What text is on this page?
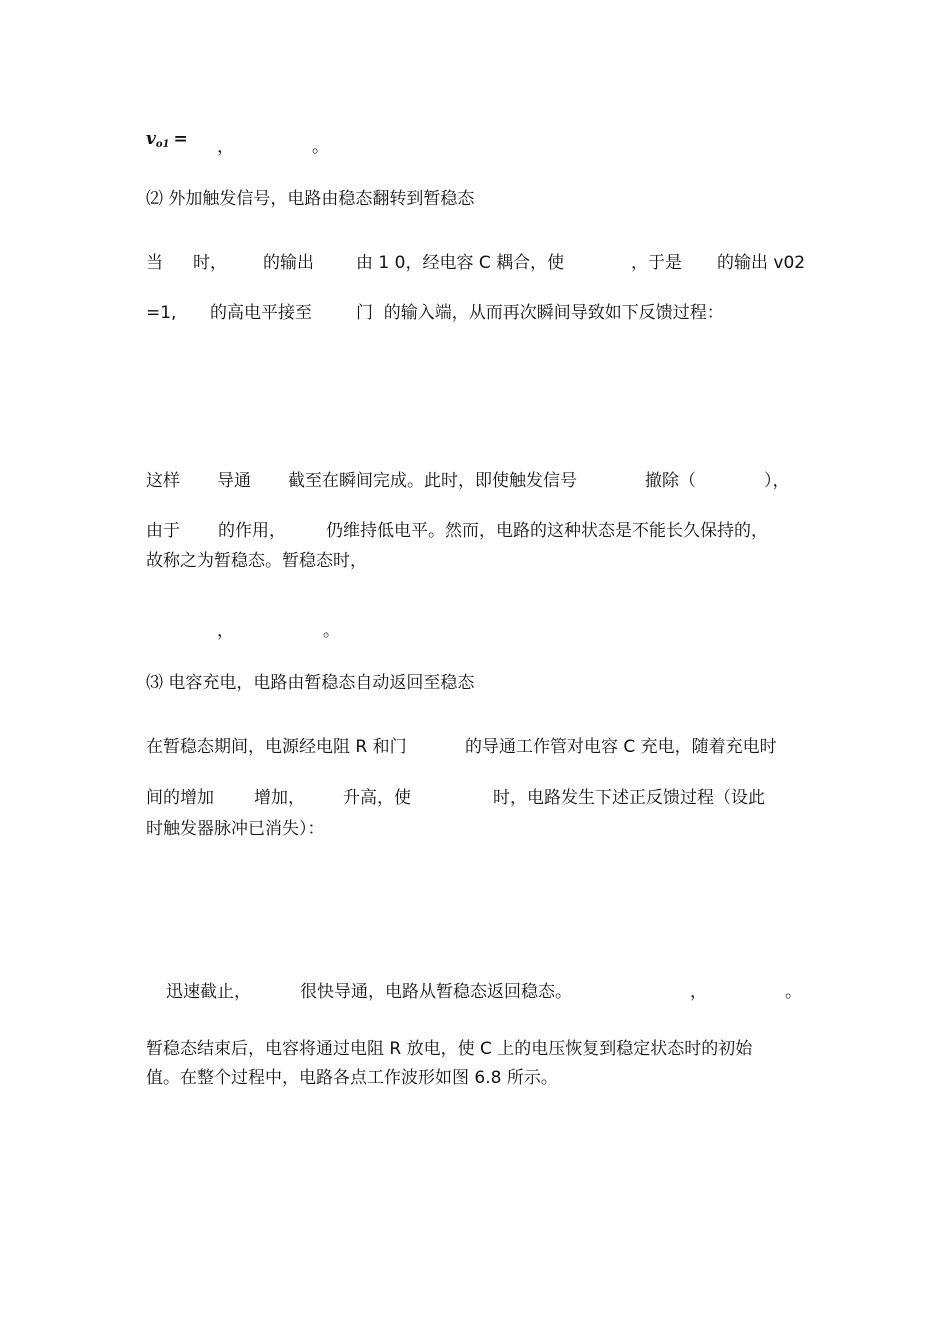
vo1 = ，	。
⑵ 外加触发信号，电路由稳态翻转到暂稳态
当 时， 的输出 由 1 0，经电容 C 耦合，使	，于是 的输出 v02
=1, 的高电平接至	门  的输入端，从而再次瞬间导致如下反馈过程：
这样 导通 截至在瞬间完成。此时，即使触发信号	撤除（	），
由于 的作用， 仍维持低电平。然而，电路的这种状态是不能长久保持的，
故称之为暂稳态。暂稳态时，
，	。
⑶ 电容充电，电路由暂稳态自动返回至稳态
在暂稳态期间，电源经电阻 R 和门	的导通工作管对电容 C 充电，随着充电时
间的增加 增加， 升高，使	时，电路发生下述正反馈过程（设此
时触发器脉冲已消失）：
迅速截止，	很快导通，电路从暂稳态返回稳态。	，	。
暂稳态结束后，电容将通过电阻 R 放电，使 C 上的电压恢复到稳定状态时的初始
值。在整个过程中，电路各点工作波形如图 6.8 所示。
